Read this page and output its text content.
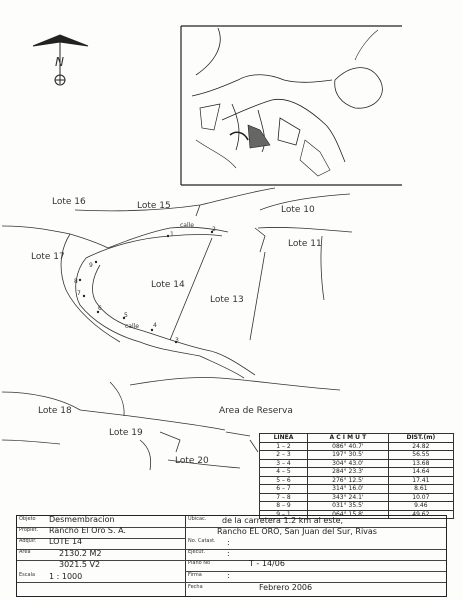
N
Lote 16	Lote 15	Lote 10
Lote 11
Lote 17
Lote 14
Lote 13
Lote 18	Area de Reserva
Lote 19
Lote 20
calle
calle
1
2
3
4
5
6
7
8
9
LINEA	A C I M U T	DIST.(m)
1 – 2	086° 40.7'	24.82
2 – 3	197° 30.5'	56.55
3 – 4	304° 43.0'	13.68
4 – 5	284° 23.3'	14.64
5 – 6	276° 12.5'	17.41
6 – 7	314° 16.0'	8.61
7 – 8	343° 24.1'	10.07
8 – 9	031° 35.5'	9.46
9 – 1	064° 15.8'	49.62
Objeto Desmembracion
Propiet. Rancho El Oro S. A.
Adquir. LOTE 14
Area	2130.2 M2
3021.5 V2
Escala 1 : 1000
Ubicac. de la carretera 1.2 km al este,
Rancho EL ORO, San Juan del Sur, Rivas
No. Catast. :
Ejecut.	:
Plano No	T - 14/06
Firma	:
Fecha	Febrero 2006
